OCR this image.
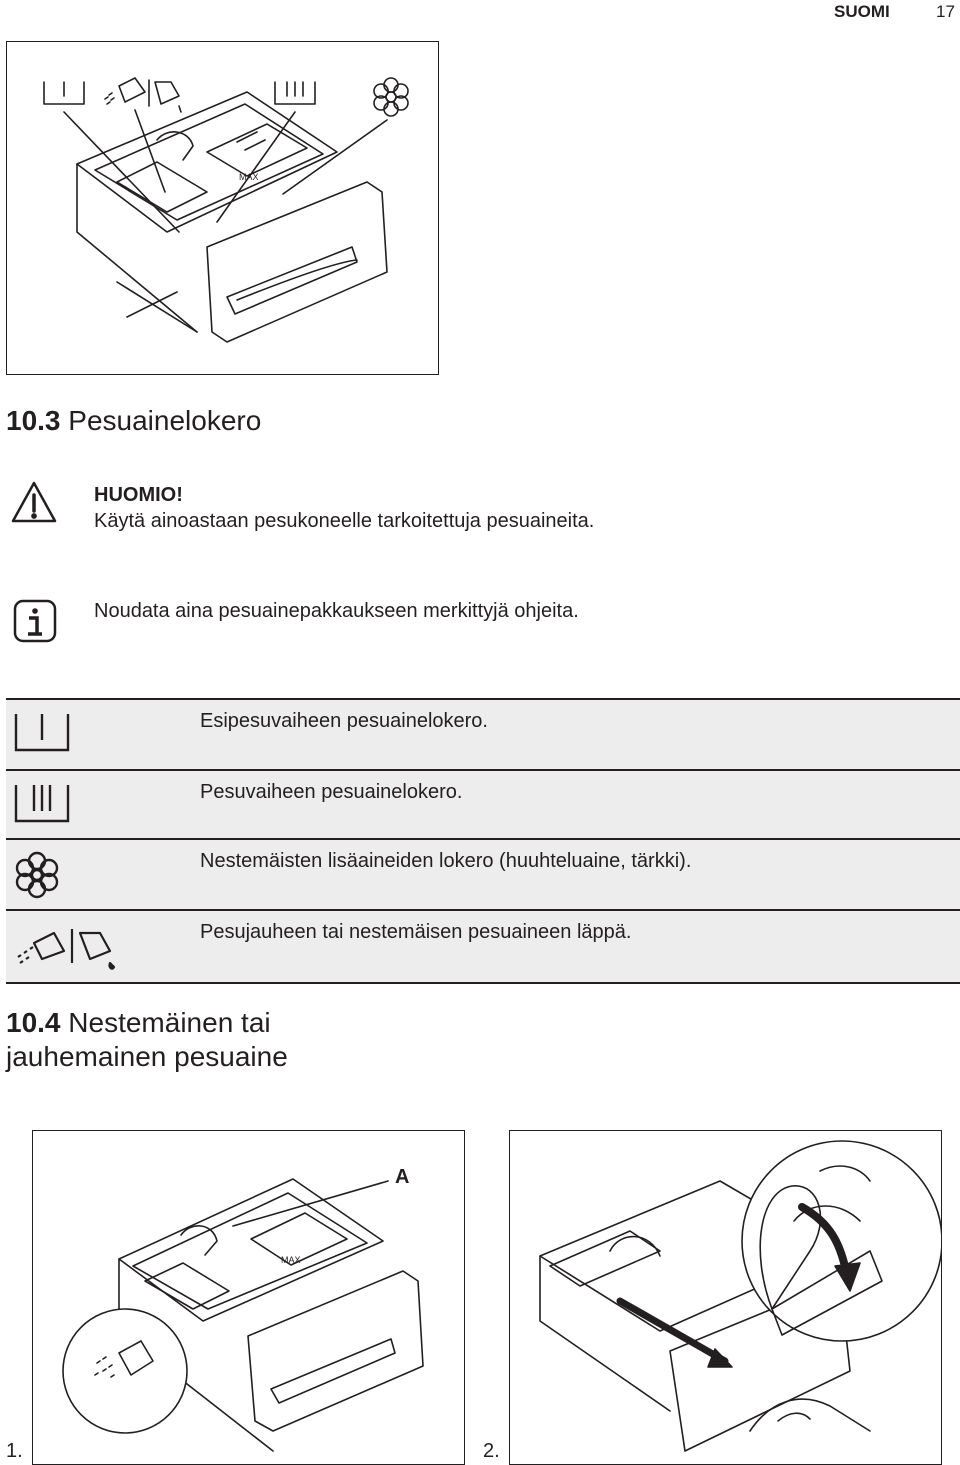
SUOMI	17
MAX
10.3 Pesuainelokero
HUOMIO!
Käytä ainoastaan pesukoneelle tarkoitettuja pesuaineita.
Noudata aina pesuainepakkaukseen merkittyjä ohjeita.
Esipesuvaiheen pesuainelokero.
Pesuvaiheen pesuainelokero.
Nestemäisten lisäaineiden lokero (huuhteluaine, tärkki).
Pesujauheen tai nestemäisen pesuaineen läppä.
10.4 Nestemäinen tai
jauhemainen pesuaine
A
MAX
1.	2.
